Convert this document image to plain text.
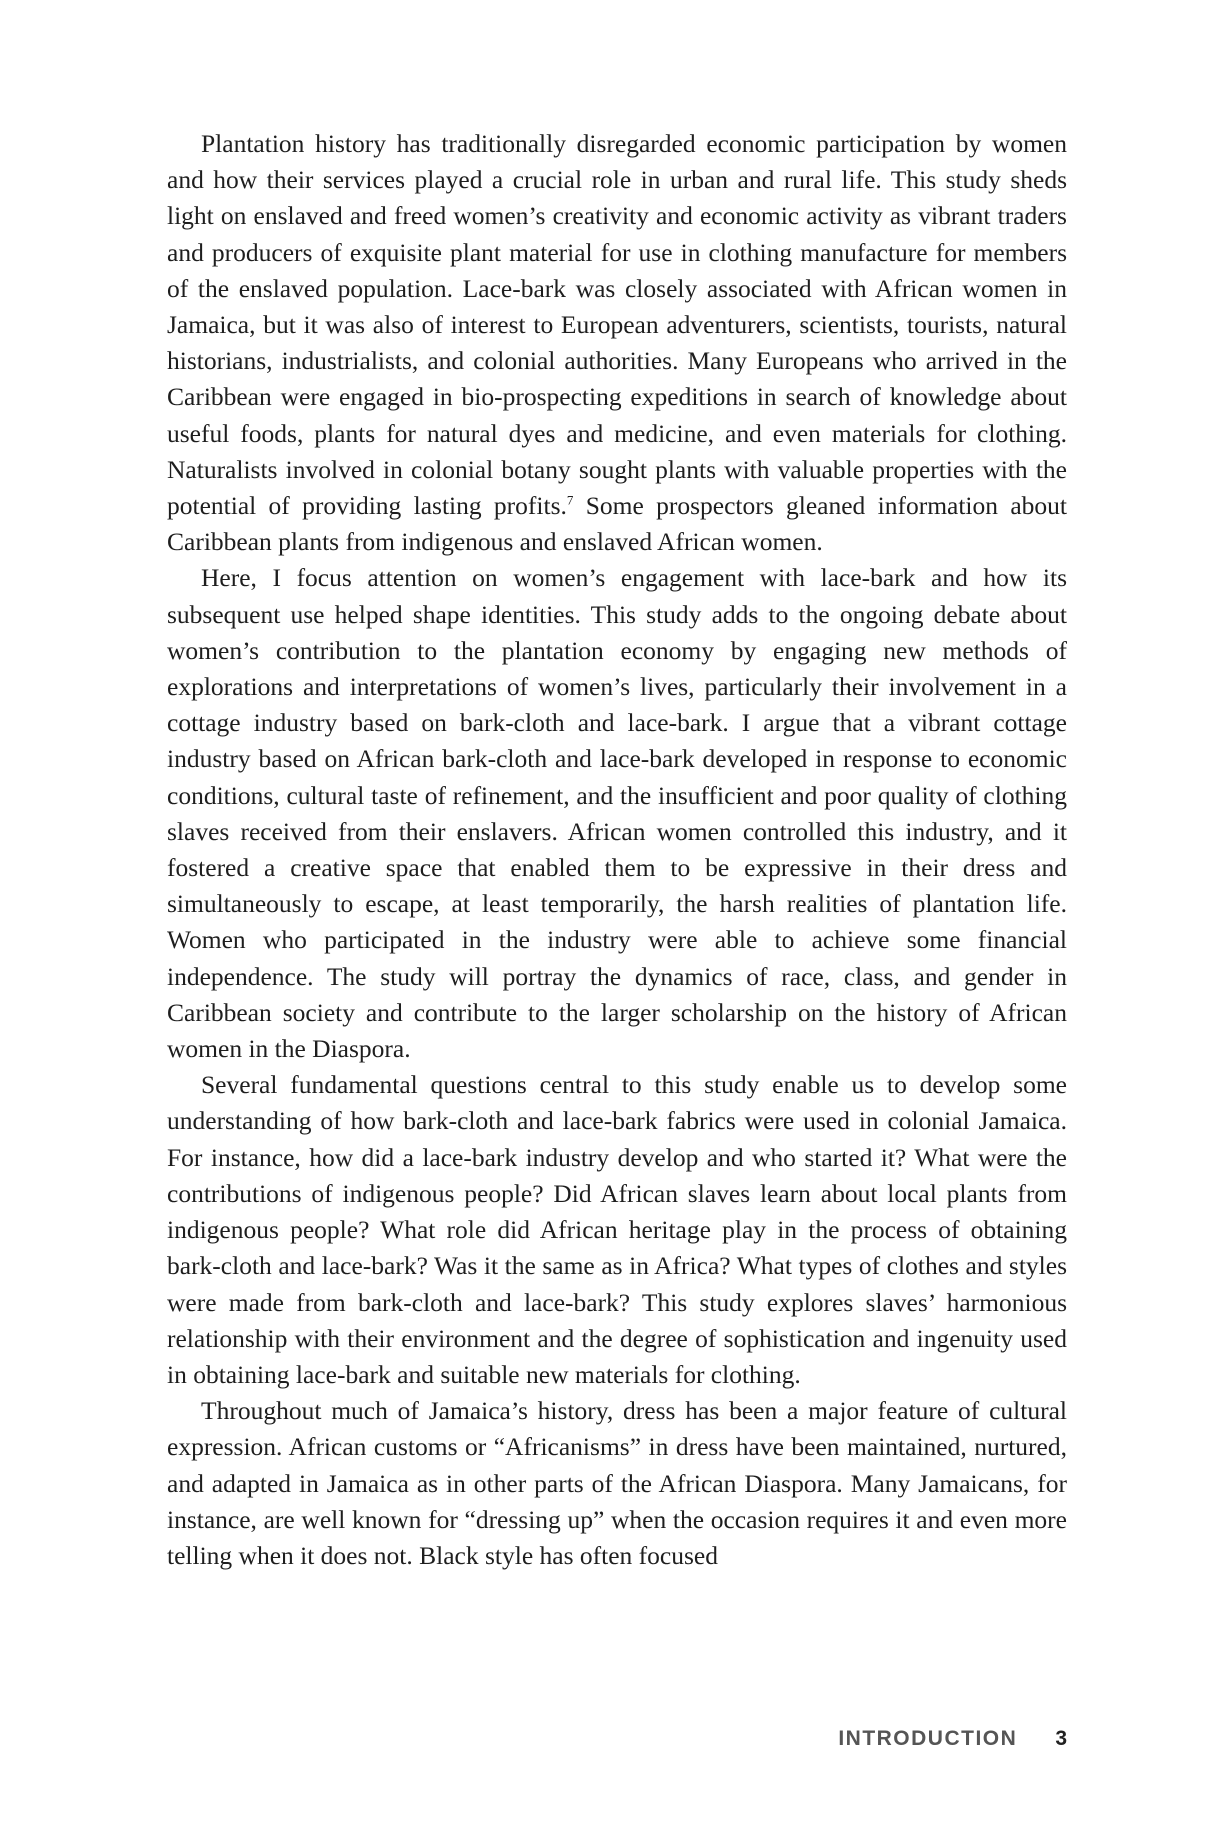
Plantation history has traditionally disregarded economic participation by women and how their services played a crucial role in urban and rural life. This study sheds light on enslaved and freed women’s creativity and economic activity as vibrant traders and producers of exquisite plant material for use in clothing manufacture for members of the enslaved population. Lace-bark was closely associated with African women in Jamaica, but it was also of interest to European adventurers, scientists, tourists, natural historians, industrialists, and colonial authorities. Many Europeans who arrived in the Caribbean were engaged in bio-prospecting expeditions in search of knowledge about useful foods, plants for natural dyes and medicine, and even materials for clothing. Naturalists involved in colonial botany sought plants with valuable properties with the potential of providing lasting profits.$^7$ Some prospectors gleaned information about Caribbean plants from indigenous and enslaved African women.

Here, I focus attention on women’s engagement with lace-bark and how its subsequent use helped shape identities. This study adds to the ongoing debate about women’s contribution to the plantation economy by engaging new methods of explorations and interpretations of women’s lives, particularly their involvement in a cottage industry based on bark-cloth and lace-bark. I argue that a vibrant cottage industry based on African bark-cloth and lace-bark developed in response to economic conditions, cultural taste of refinement, and the insufficient and poor quality of clothing slaves received from their enslavers. African women controlled this industry, and it fostered a creative space that enabled them to be expressive in their dress and simultaneously to escape, at least temporarily, the harsh realities of plantation life. Women who participated in the industry were able to achieve some financial independence. The study will portray the dynamics of race, class, and gender in Caribbean society and contribute to the larger scholarship on the history of African women in the Diaspora.

Several fundamental questions central to this study enable us to develop some understanding of how bark-cloth and lace-bark fabrics were used in colonial Jamaica. For instance, how did a lace-bark industry develop and who started it? What were the contributions of indigenous people? Did African slaves learn about local plants from indigenous people? What role did African heritage play in the process of obtaining bark-cloth and lace-bark? Was it the same as in Africa? What types of clothes and styles were made from bark-cloth and lace-bark? This study explores slaves’ harmonious relationship with their environment and the degree of sophistication and ingenuity used in obtaining lace-bark and suitable new materials for clothing.

Throughout much of Jamaica’s history, dress has been a major feature of cultural expression. African customs or “Africanisms” in dress have been maintained, nurtured, and adapted in Jamaica as in other parts of the African Diaspora. Many Jamaicans, for instance, are well known for “dressing up” when the occasion requires it and even more telling when it does not. Black style has often focused

INTRODUCTION 3
